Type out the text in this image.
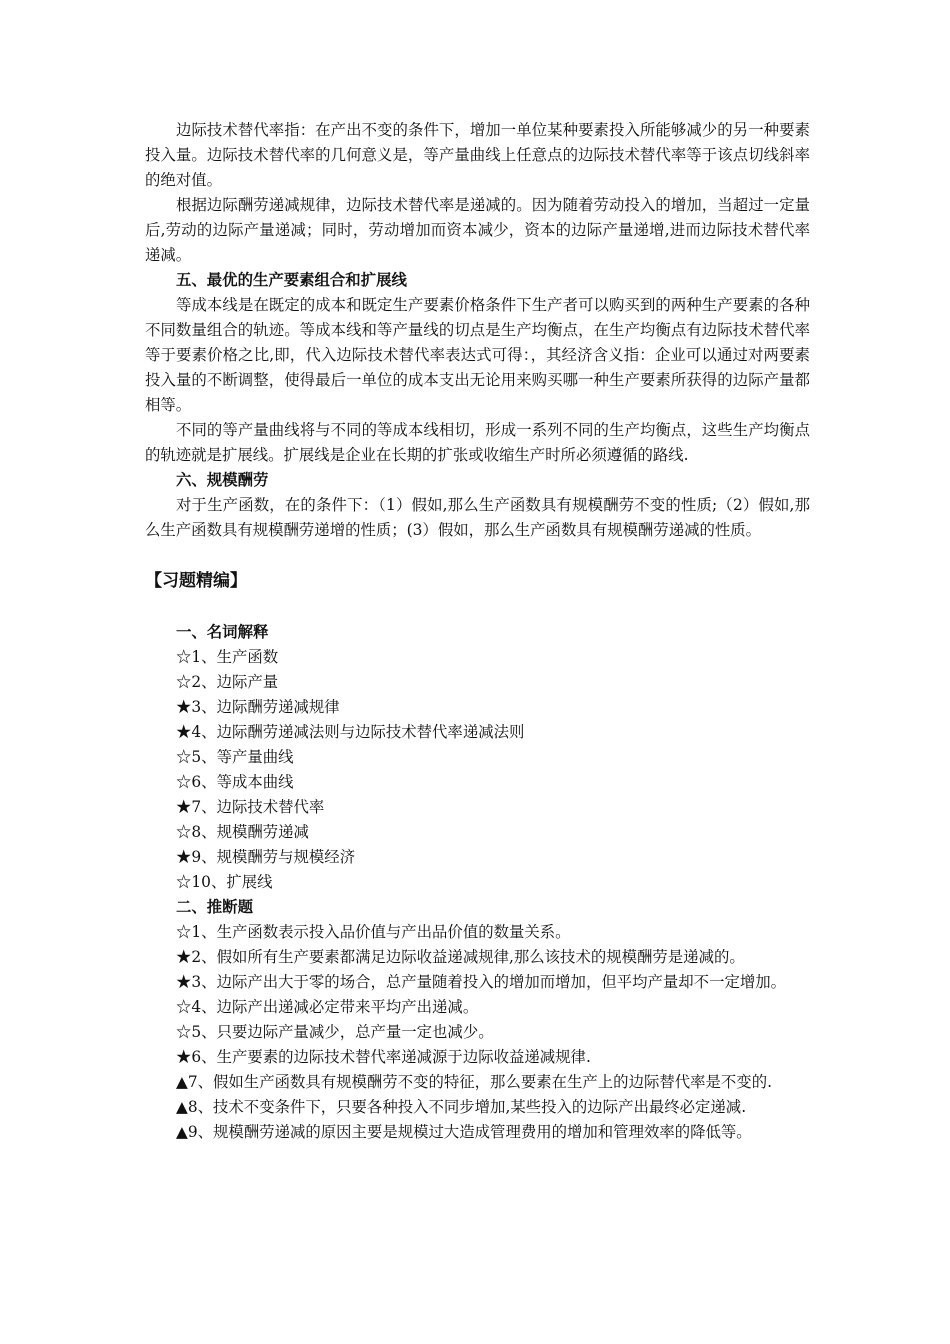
边际技术替代率指：在产出不变的条件下，增加一单位某种要素投入所能够减少的另一种要素投入量。边际技术替代率的几何意义是，等产量曲线上任意点的边际技术替代率等于该点切线斜率的绝对值。

根据边际酬劳递减规律，边际技术替代率是递减的。因为随着劳动投入的增加，当超过一定量后,劳动的边际产量递减；同时，劳动增加而资本减少，资本的边际产量递增,进而边际技术替代率递减。

五、最优的生产要素组合和扩展线

等成本线是在既定的成本和既定生产要素价格条件下生产者可以购买到的两种生产要素的各种不同数量组合的轨迹。等成本线和等产量线的切点是生产均衡点，在生产均衡点有边际技术替代率等于要素价格之比,即，代入边际技术替代率表达式可得：，其经济含义指：企业可以通过对两要素投入量的不断调整，使得最后一单位的成本支出无论用来购买哪一种生产要素所获得的边际产量都相等。

不同的等产量曲线将与不同的等成本线相切，形成一系列不同的生产均衡点，这些生产均衡点的轨迹就是扩展线。扩展线是企业在长期的扩张或收缩生产时所必须遵循的路线.

六、规模酬劳

对于生产函数，在的条件下：（1）假如,那么生产函数具有规模酬劳不变的性质;（2）假如,那么生产函数具有规模酬劳递增的性质；(3）假如，那么生产函数具有规模酬劳递减的性质。

【习题精编】

一、名词解释

☆1、生产函数

☆2、边际产量

★3、边际酬劳递减规律

★4、边际酬劳递减法则与边际技术替代率递减法则

☆5、等产量曲线

☆6、等成本曲线

★7、边际技术替代率

☆8、规模酬劳递减

★9、规模酬劳与规模经济

☆10、扩展线

二、推断题

☆1、生产函数表示投入品价值与产出品价值的数量关系。

★2、假如所有生产要素都满足边际收益递减规律,那么该技术的规模酬劳是递减的。

★3、边际产出大于零的场合，总产量随着投入的增加而增加，但平均产量却不一定增加。

☆4、边际产出递减必定带来平均产出递减。

☆5、只要边际产量减少，总产量一定也减少。

★6、生产要素的边际技术替代率递减源于边际收益递减规律.

▲7、假如生产函数具有规模酬劳不变的特征，那么要素在生产上的边际替代率是不变的.

▲8、技术不变条件下，只要各种投入不同步增加,某些投入的边际产出最终必定递减.

▲9、规模酬劳递减的原因主要是规模过大造成管理费用的增加和管理效率的降低等。
